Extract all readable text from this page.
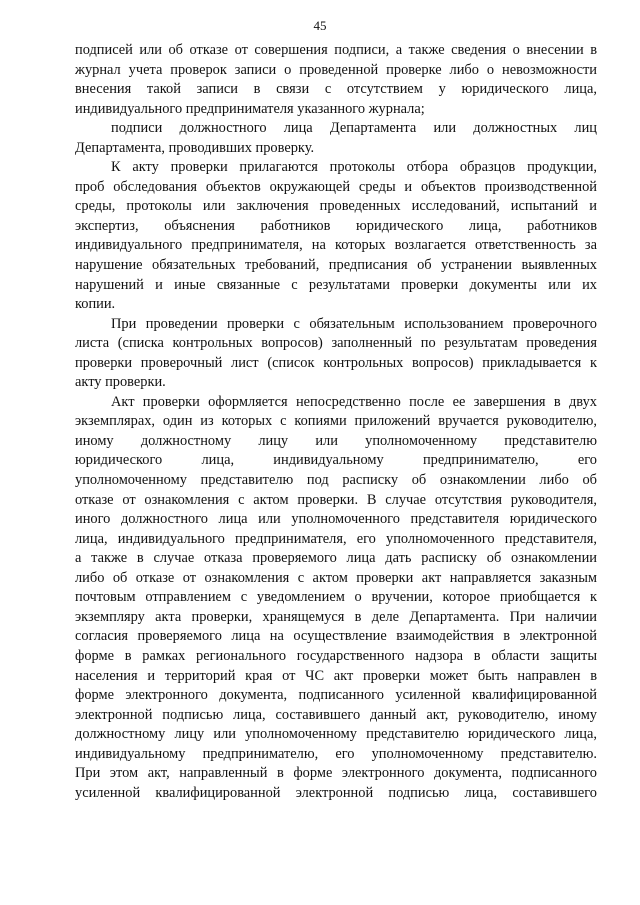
45
подписей или об отказе от совершения подписи, а также сведения о внесении в
журнал учета проверок записи о проведенной проверке либо о невозможности
внесения такой записи в связи с отсутствием у юридического лица,
индивидуального предпринимателя указанного журнала;
подписи должностного лица Департамента или должностных лиц
Департамента, проводивших проверку.
К акту проверки прилагаются протоколы отбора образцов продукции,
проб обследования объектов окружающей среды и объектов производственной
среды, протоколы или заключения проведенных исследований, испытаний и
экспертиз, объяснения работников юридического лица, работников
индивидуального предпринимателя, на которых возлагается ответственность за
нарушение обязательных требований, предписания об устранении выявленных
нарушений и иные связанные с результатами проверки документы или их
копии.
При проведении проверки с обязательным использованием проверочного
листа (списка контрольных вопросов) заполненный по результатам проведения
проверки проверочный лист (список контрольных вопросов) прикладывается к
акту проверки.
Акт проверки оформляется непосредственно после ее завершения в двух
экземплярах, один из которых с копиями приложений вручается руководителю,
иному должностному лицу или уполномоченному представителю
юридического лица, индивидуальному предпринимателю, его
уполномоченному представителю под расписку об ознакомлении либо об
отказе от ознакомления с актом проверки. В случае отсутствия руководителя,
иного должностного лица или уполномоченного представителя юридического
лица, индивидуального предпринимателя, его уполномоченного представителя,
а также в случае отказа проверяемого лица дать расписку об ознакомлении
либо об отказе от ознакомления с актом проверки акт направляется заказным
почтовым отправлением с уведомлением о вручении, которое приобщается к
экземпляру акта проверки, хранящемуся в деле Департамента. При наличии
согласия проверяемого лица на осуществление взаимодействия в электронной
форме в рамках регионального государственного надзора в области защиты
населения и территорий края от ЧС акт проверки может быть направлен в
форме электронного документа, подписанного усиленной квалифицированной
электронной подписью лица, составившего данный акт, руководителю, иному
должностному лицу или уполномоченному представителю юридического лица,
индивидуальному предпринимателю, его уполномоченному представителю.
При этом акт, направленный в форме электронного документа, подписанного
усиленной квалифицированной электронной подписью лица, составившего
